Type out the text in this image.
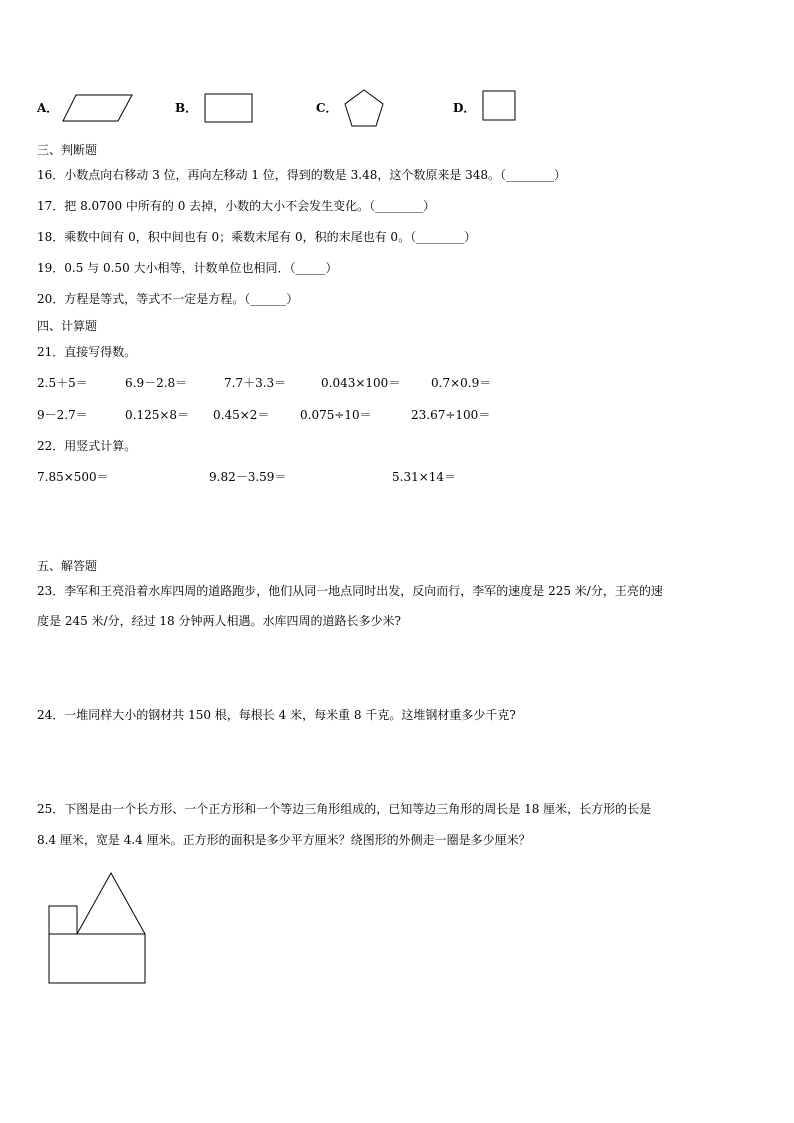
A．	B．	C．	D．
三、判断题
16．小数点向右移动 3 位，再向左移动 1 位，得到的数是 3.48，这个数原来是 348。（________）
17．把 8.0700 中所有的 0 去掉，小数的大小不会发生变化。（________）
18．乘数中间有 0，积中间也有 0；乘数末尾有 0，积的末尾也有 0。（________）
19．0.5 与 0.50 大小相等，计数单位也相同．（_____）
20．方程是等式，等式不一定是方程。（______）
四、计算题
21．直接写得数。
2.5＋5＝	6.9－2.8＝	7.7＋3.3＝	0.043×100＝	0.7×0.9＝
9－2.7＝	0.125×8＝ 0.45×2＝	0.075÷10＝	23.67÷100＝
22．用竖式计算。
7.85×500＝	9.82－3.59＝	5.31×14＝
五、解答题
23．李军和王亮沿着水库四周的道路跑步，他们从同一地点同时出发，反向而行，李军的速度是 225 米/分，王亮的速
度是 245 米/分，经过 18 分钟两人相遇。水库四周的道路长多少米?
24．一堆同样大小的钢材共 150 根，每根长 4 米，每米重 8 千克。这堆钢材重多少千克?
25．下图是由一个长方形、一个正方形和一个等边三角形组成的，已知等边三角形的周长是 18 厘米，长方形的长是
8.4 厘米，宽是 4.4 厘米。正方形的面积是多少平方厘米？绕图形的外侧走一圈是多少厘米？
